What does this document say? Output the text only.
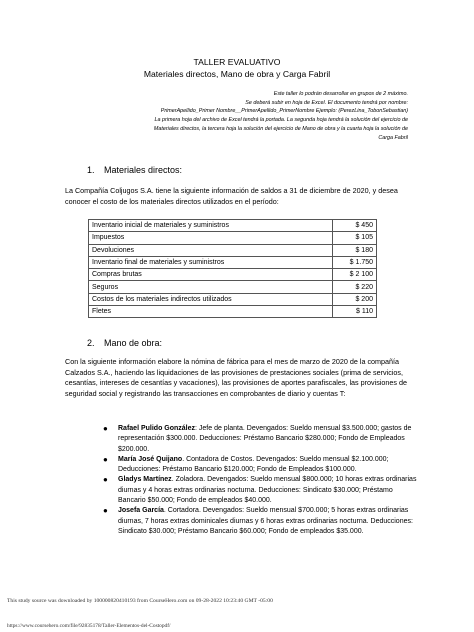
TALLER EVALUATIVO
Materiales directos, Mano de obra y Carga Fabril
Este taller lo podrán desarrollar en grupos de 2 máximo.
Se deberá subir en hoja de Excel. El documento tendrá por nombre:
PrimerApellido_Primer Nombre__PrimerApellido_PrimerNombre Ejemplo: (PerezLina_TobonSebastian)
La primera hoja del archivo de Excel tendrá la portada. La segunda hoja tendrá la solución del ejercicio de
Materiales directos, la tercera hoja la solución del ejercicio de Mano de obra y la cuarta hoja la solución de
Carga Fabril
1. Materiales directos:
La Compañía Coljugos S.A. tiene la siguiente información de saldos a 31 de diciembre de 2020, y desea conocer el costo de los materiales directos utilizados en el período:
Inventario inicial de materiales y suministros	$ 450
Impuestos	$ 105
Devoluciones	$ 180
Inventario final de materiales y suministros	$ 1.750
Compras brutas	$ 2 100
Seguros	$ 220
Costos de los materiales indirectos utilizados	$ 200
Fletes	$ 110
2. Mano de obra:
Con la siguiente información elabore la nómina de fábrica para el mes de marzo de 2020 de la compañía Calzados S.A., haciendo las liquidaciones de las provisiones de prestaciones sociales (prima de servicios, cesantías, intereses de cesantías y vacaciones), las provisiones de aportes parafiscales, las provisiones de seguridad social y registrando las transacciones en comprobantes de diario y cuentas T:
● Rafael Pulido González: Jefe de planta. Devengados: Sueldo mensual $3.500.000; gastos de representación $300.000. Deducciones: Préstamo Bancario $280.000; Fondo de Empleados $200.000.
● María José Quijano. Contadora de Costos. Devengados: Sueldo mensual $2.100.000; Deducciones: Préstamo Bancario $120.000; Fondo de Empleados $100.000.
● Gladys Martínez. Zoladora. Devengados: Sueldo mensual $800.000; 10 horas extras ordinarias diurnas y 4 horas extras ordinarias nocturna. Deducciones: Sindicato $30.000; Préstamo Bancario $50.000; Fondo de empleados $40.000.
● Josefa García. Cortadora. Devengados: Sueldo mensual $700.000; 5 horas extras ordinarias diurnas, 7 horas extras dominicales diurnas y 6 horas extras ordinarias nocturna. Deducciones: Sindicato $30.000; Préstamo Bancario $60.000; Fondo de empleados $35.000.
This study source was downloaded by 100000820410193 from CourseHero.com on 09-28-2022 10:23:40 GMT -05:00
https://www.coursehero.com/file/92835178/Taller-Elementos-del-Costopdf/
